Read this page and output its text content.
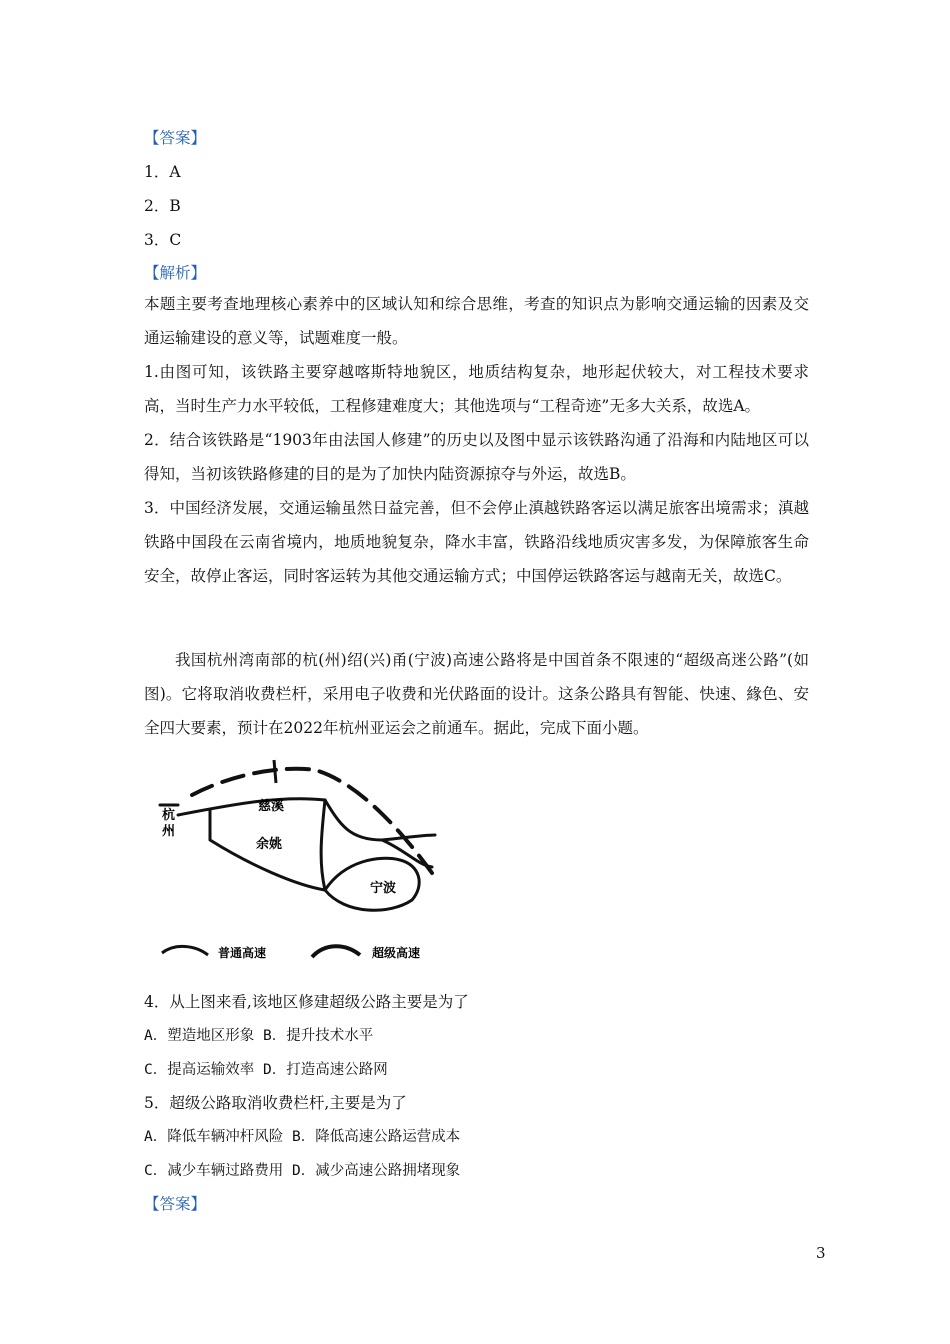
【答案】
1．A
2．B
3．C
【解析】
本题主要考查地理核心素养中的区域认知和综合思维，考查的知识点为影响交通运输的因素及交通运输建设的意义等，试题难度一般。
1.由图可知，该铁路主要穿越喀斯特地貌区，地质结构复杂，地形起伏较大，对工程技术要求高，当时生产力水平较低，工程修建难度大；其他选项与“工程奇迹”无多大关系，故选A。
2．结合该铁路是“1903年由法国人修建”的历史以及图中显示该铁路沟通了沿海和内陆地区可以得知，当初该铁路修建的目的是为了加快内陆资源掠夺与外运，故选B。
3．中国经济发展，交通运输虽然日益完善，但不会停止滇越铁路客运以满足旅客出境需求；滇越铁路中国段在云南省境内，地质地貌复杂，降水丰富，铁路沿线地质灾害多发，为保障旅客生命安全，故停止客运，同时客运转为其他交通运输方式；中国停运铁路客运与越南无关，故选C。
我国杭州湾南部的杭(州)绍(兴)甬(宁波)高速公路将是中国首条不限速的“超级高迷公路”(如图)。它将取消收费栏杆，采用电子收费和光伏路面的设计。这条公路具有智能、快速、緣色、安全四大要素，预计在2022年杭州亚运会之前通车。据此，完成下面小题。
杭
州
慈溪
余姚
宁波
普通高速	超级高速
4．从上图来看,该地区修建超级公路主要是为了
A．塑造地区形象 B．提升技术水平
C．提高运输效率 D．打造高速公路网
5．超级公路取消收费栏杆,主要是为了
A．降低车辆冲杆风险 B．降低高速公路运营成本
C．减少车辆过路费用 D．减少高速公路拥堵现象
【答案】
3
